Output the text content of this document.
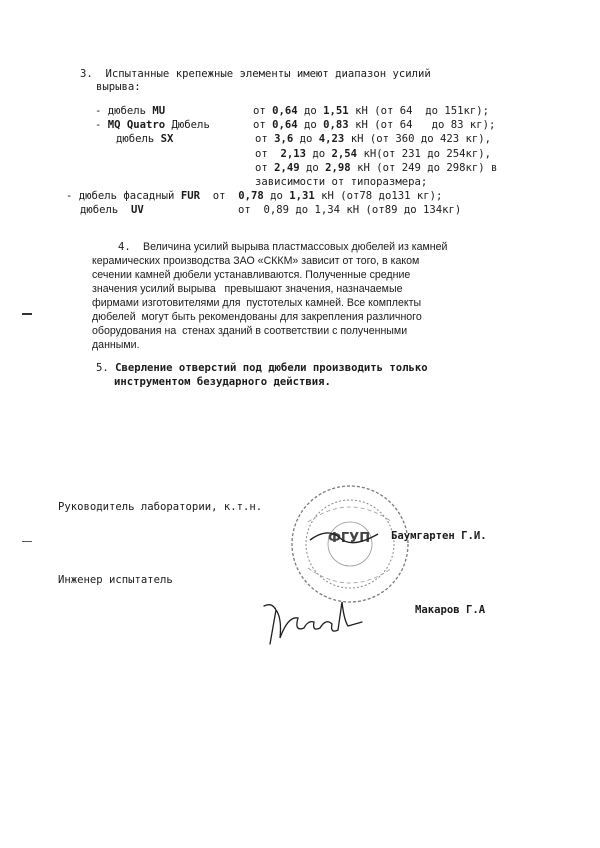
3. Испытанные крепежные элементы имеют диапазон усилий
вырыва:
- дюбель MU	от 0,64 до 1,51 кН (от 64  до 151кг);
- MQ Quatro Дюбель	от 0,64 до 0,83 кН (от 64   до 83 кг);
дюбель SX	от 3,6 до 4,23 кН (от 360 до 423 кг),
от  2,13 до 2,54 кН(от 231 до 254кг),
от 2,49 до 2,98 кН (от 249 до 298кг) в
зависимости от типоразмера;
- дюбель фасадный FUR  от  0,78 до 1,31 кН (от78 до131 кг);
дюбель  UV	от  0,89 до 1,34 кН (от89 до 134кг)
4. Величина усилий вырыва пластмассовых дюбелей из камней
керамических производства ЗАО «СККМ» зависит от того, в каком
сечении камней дюбели устанавливаются. Полученные средние
значения усилий вырыва   превышают значения, назначаемые
фирмами изготовителями для  пустотелых камней. Все комплекты
дюбелей  могут быть рекомендованы для закрепления различного
оборудования на  стенах зданий в соответствии с полученными
данными.
5. Сверление отверстий под дюбели производить только
инструментом безударного действия.
Руководитель лаборатории, к.т.н.
ФГУП Баумгартен Г.И.
Инженер испытатель
Макаров Г.А
